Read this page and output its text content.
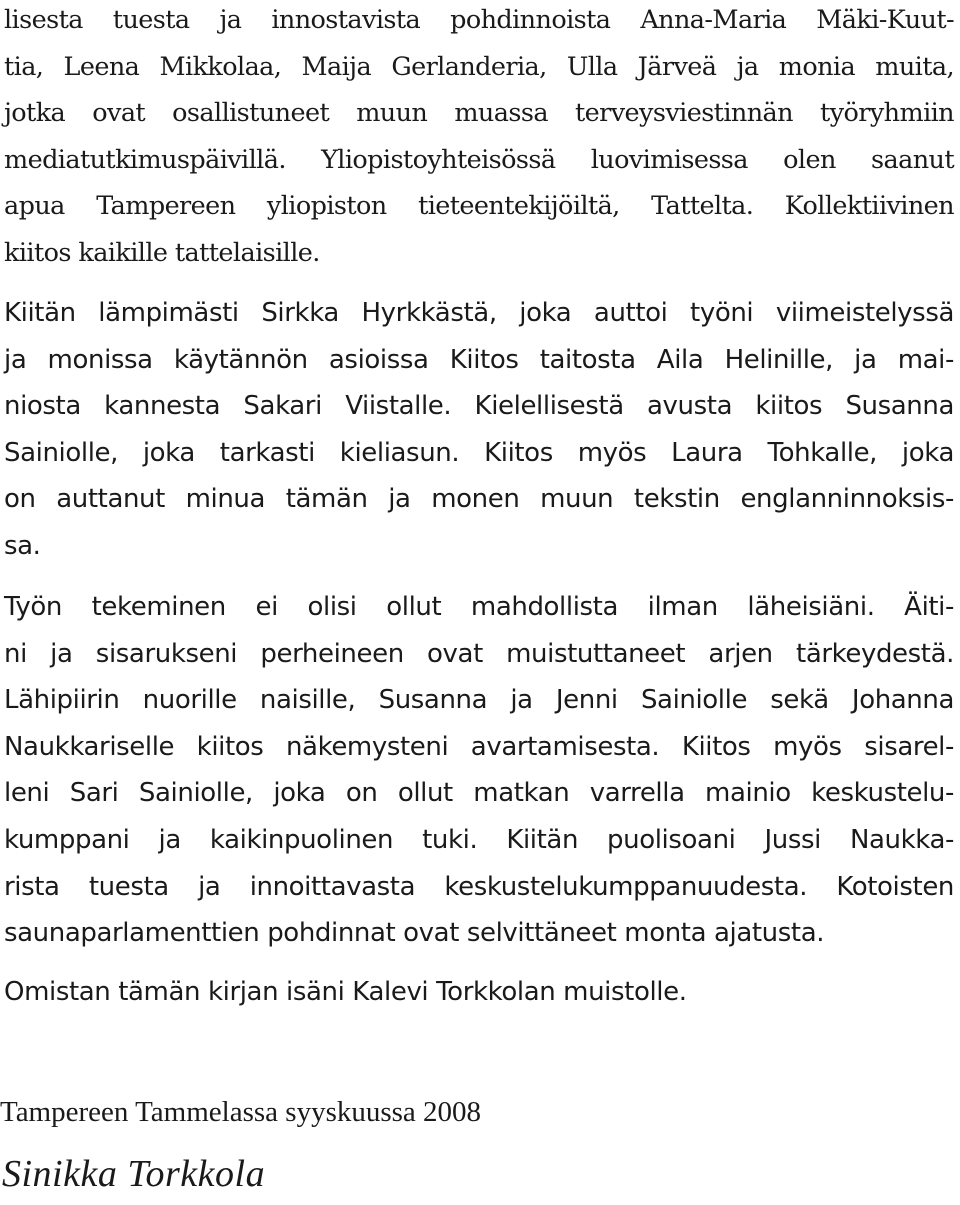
lisesta tuesta ja innostavista pohdinnoista Anna-Maria Mäki-Kuut-
tia, Leena Mikkolaa, Maija Gerlanderia, Ulla Järveä ja monia muita,
jotka ovat osallistuneet muun muassa terveysviestinnän työryhmiin
mediatutkimuspäivillä. Yliopistoyhteisössä luovimisessa olen saanut
apua Tampereen yliopiston tieteentekijöiltä, Tattelta. Kollektiivinen
kiitos kaikille tattelaisille.
Kiitän lämpimästi Sirkka Hyrkkästä, joka auttoi työni viimeistelyssä
ja monissa käytännön asioissa Kiitos taitosta Aila Helinille, ja mai-
niosta kannesta Sakari Viistalle. Kielellisestä avusta kiitos Susanna
Sainiolle, joka tarkasti kieliasun. Kiitos myös Laura Tohkalle, joka
on auttanut minua tämän ja monen muun tekstin englanninnoksis-
sa.
Työn tekeminen ei olisi ollut mahdollista ilman läheisiäni. Äiti-
ni ja sisarukseni perheineen ovat muistuttaneet arjen tärkeydestä.
Lähipiirin nuorille naisille, Susanna ja Jenni Sainiolle sekä Johanna
Naukkariselle kiitos näkemysteni avartamisesta. Kiitos myös sisarel-
leni Sari Sainiolle, joka on ollut matkan varrella mainio keskustelu-
kumppani ja kaikinpuolinen tuki. Kiitän puolisoani Jussi Naukka-
rista tuesta ja innoittavasta keskustelukumppanuudesta. Kotoisten
saunaparlamenttien pohdinnat ovat selvittäneet monta ajatusta.
Omistan tämän kirjan isäni Kalevi Torkkolan muistolle.
Tampereen Tammelassa syyskuussa 2008
Sinikka Torkkola
